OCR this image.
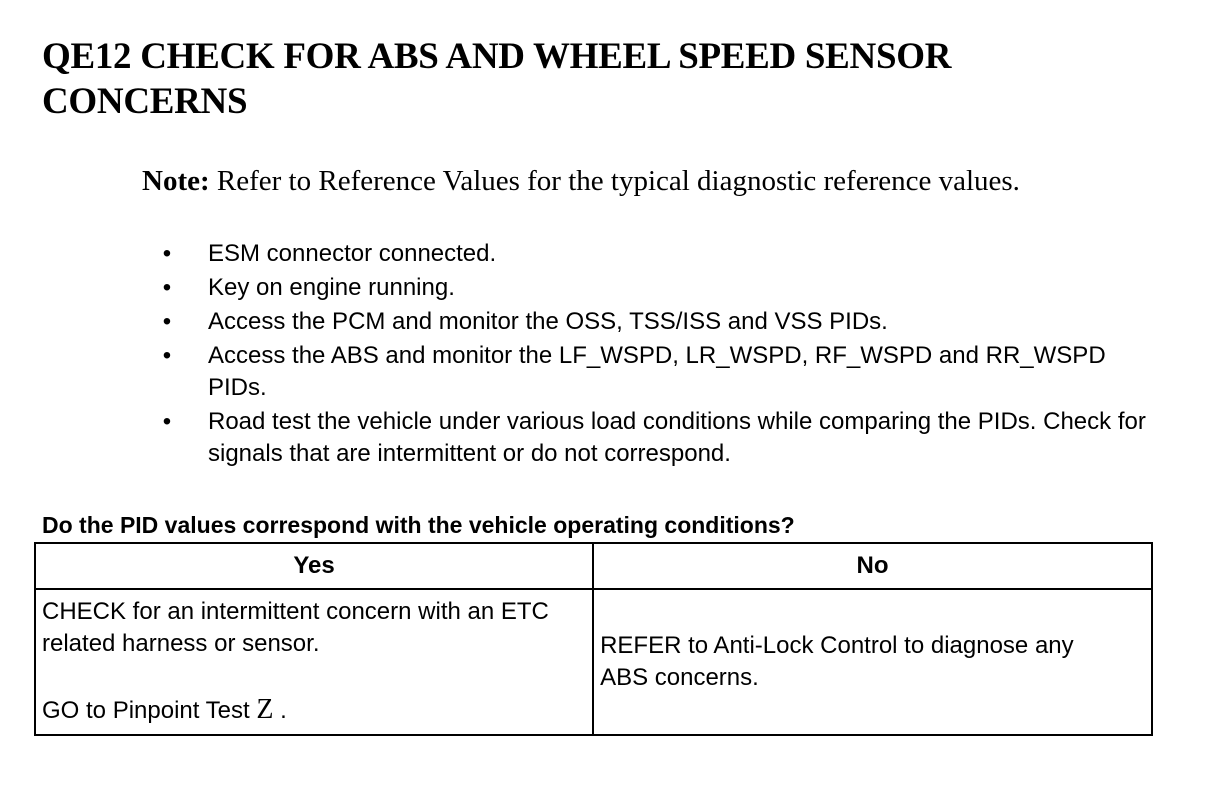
QE12 CHECK FOR ABS AND WHEEL SPEED SENSOR CONCERNS

Note: Refer to Reference Values for the typical diagnostic reference values.

• ESM connector connected.
• Key on engine running.
• Access the PCM and monitor the OSS, TSS/ISS and VSS PIDs.
• Access the ABS and monitor the LF_WSPD, LR_WSPD, RF_WSPD and RR_WSPD PIDs.
• Road test the vehicle under various load conditions while comparing the PIDs. Check for signals that are intermittent or do not correspond.

Do the PID values correspond with the vehicle operating conditions?

Yes	No

CHECK for an intermittent concern with an ETC related harness or sensor.
GO to Pinpoint Test Z .	REFER to Anti-Lock Control to diagnose any ABS concerns.
